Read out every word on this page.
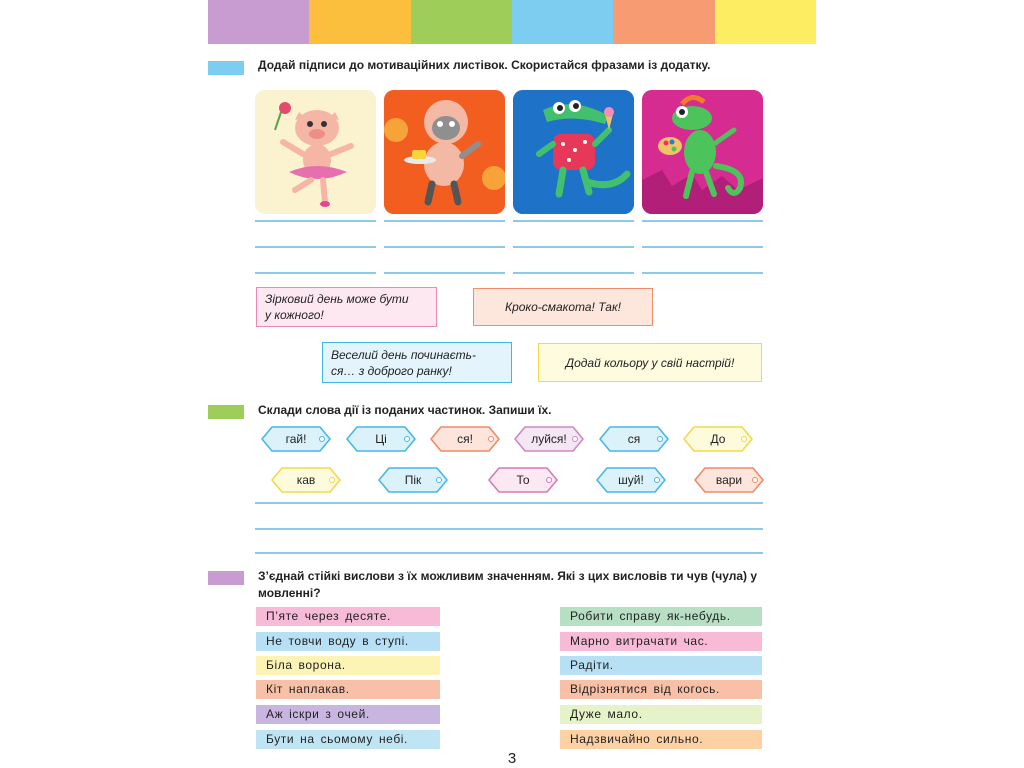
Додай підписи до мотиваційних листівок. Скористайся фразами із додатку.
Зірковий день може бути
у кожного!
Кроко-смакота! Так!
Веселий день починаєть-
ся… з доброго ранку!
Додай кольору у свій настрій!
Склади слова дії із поданих частинок. Запиши їх.
гай!	Ці	ся!	луйся!	ся	До
кав	Пік	То	шуй!	вари
З’єднай стійкі вислови з їх можливим значенням. Які з цих висловів ти чув (чула) у мовленні?
П’яте через десяте.
Не товчи воду в ступі.
Біла ворона.
Кіт наплакав.
Аж іскри з очей.
Бути на сьомому небі.
Робити справу як-небудь.
Марно витрачати час.
Радіти.
Відрізнятися від когось.
Дуже мало.
Надзвичайно сильно.
3
